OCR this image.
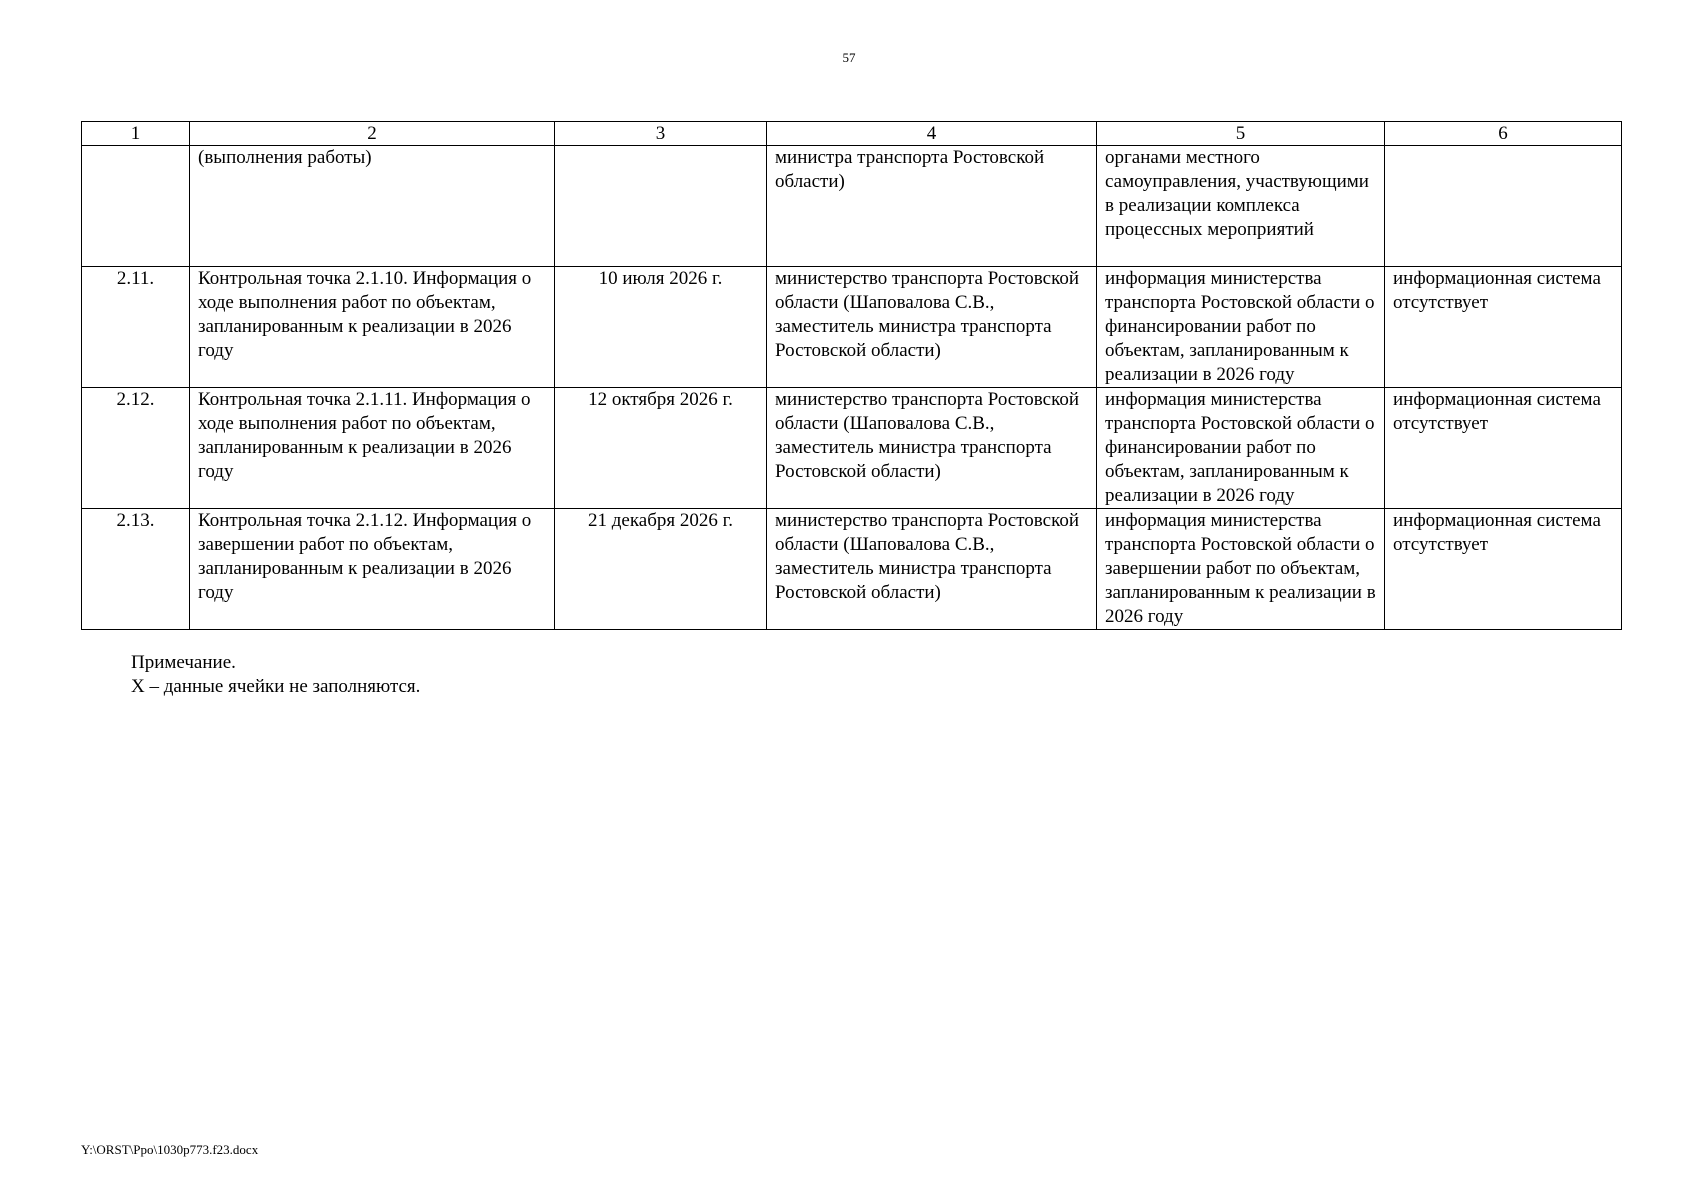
57
1	2	3	4	5	6
	(выполнения работы)		министра транспорта Ростовской области)	органами местного самоуправления, участвующими в реализации комплекса процессных мероприятий	
2.11.	Контрольная точка 2.1.10. Информация о ходе выполнения работ по объектам, запланированным к реализации в 2026 году	10 июля 2026 г.	министерство транспорта Ростовской области (Шаповалова С.В., заместитель министра транспорта Ростовской области)	информация министерства транспорта Ростовской области о финансировании работ по объектам, запланированным к реализации в 2026 году	информационная система отсутствует
2.12.	Контрольная точка 2.1.11. Информация о ходе выполнения работ по объектам, запланированным к реализации в 2026 году	12 октября 2026 г.	министерство транспорта Ростовской области (Шаповалова С.В., заместитель министра транспорта Ростовской области)	информация министерства транспорта Ростовской области о финансировании работ по объектам, запланированным к реализации в 2026 году	информационная система отсутствует
2.13.	Контрольная точка 2.1.12. Информация о завершении работ по объектам, запланированным к реализации в 2026 году	21 декабря 2026 г.	министерство транспорта Ростовской области (Шаповалова С.В., заместитель министра транспорта Ростовской области)	информация министерства транспорта Ростовской области о завершении работ по объектам, запланированным к реализации в 2026 году	информационная система отсутствует
Примечание.
Х – данные ячейки не заполняются.
Y:\ORST\Ppo\1030p773.f23.docx
